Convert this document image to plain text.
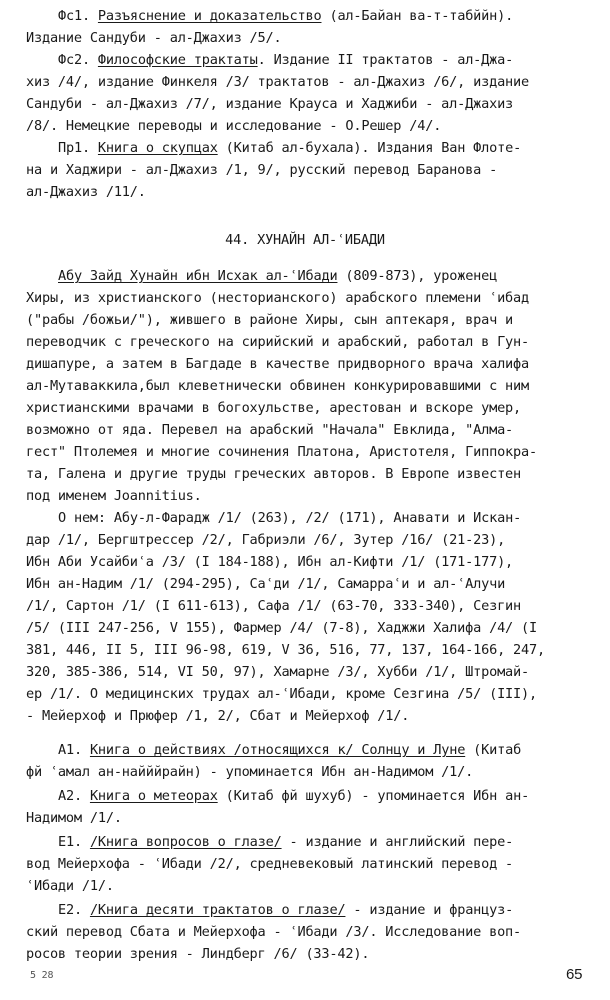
Фс1. Разъяснение и доказательство (ал-Байан ва-т-табййн).
Издание Сандуби - ал-Джахиз /5/.
Фс2. Философские трактаты. Издание II трактатов - ал-Джа-
хиз /4/, издание Финкеля /3/ трактатов - ал-Джахиз /6/, издание
Сандуби - ал-Джахиз /7/, издание Крауса и Хаджиби - ал-Джахиз
/8/. Немецкие переводы и исследование - О.Решер /4/.
Пр1. Книга о скупцах (Китаб ал-бухала). Издания Ван Флоте-
на и Хаджири - ал-Джахиз /1, 9/, русский перевод Баранова -
ал-Джахиз /11/.
44. ХУНАЙН АЛ-ʿИБАДИ
Абу Зайд Хунайн ибн Исхак ал-ʿИбади (809-873), уроженец
Хиры, из христианского (несторианского) арабского племени ʿибад
("рабы /божьи/"), жившего в районе Хиры, сын аптекаря, врач и
переводчик с греческого на сирийский и арабский, работал в Гун-
дишапуре, а затем в Багдаде в качестве придворного врача халифа
ал-Мутаваккила,был клеветнически обвинен конкурировавшими с ним
христианскими врачами в богохульстве, арестован и вскоре умер,
возможно от яда. Перевел на арабский "Начала" Евклида, "Алма-
гест" Птолемея и многие сочинения Платона, Аристотеля, Гиппокра-
та, Галена и другие труды греческих авторов. В Европе известен
под именем Joannitius.
О нем: Абу-л-Фарадж /1/ (263), /2/ (171), Анавати и Искан-
дар /1/, Бергштрессер /2/, Габриэли /6/, Зутер /16/ (21-23),
Ибн Аби Усайбиʿа /3/ (I 184-188), Ибн ал-Кифти /1/ (171-177),
Ибн ан-Надим /1/ (294-295), Саʿди /1/, Самарраʿи и ал-ʿАлучи
/1/, Сартон /1/ (I 611-613), Сафа /1/ (63-70, 333-340), Сезгин
/5/ (III 247-256, V 155), Фармер /4/ (7-8), Хаджжи Халифа /4/ (I
381, 446, II 5, III 96-98, 619, V 36, 516, 77, 137, 164-166, 247,
320, 385-386, 514, VI 50, 97), Хамарне /3/, Хубби /1/, Штромай-
ер /1/. О медицинских трудах ал-ʿИбади, кроме Сезгина /5/ (III),
- Мейерхоф и Прюфер /1, 2/, Сбат и Мейерхоф /1/.
А1. Книга о действиях /относящихся к/ Солнцу и Луне (Китаб
фй ʿамал ан-найййрайн) - упоминается Ибн ан-Надимом /1/.
А2. Книга о метеорах (Китаб фй шухуб) - упоминается Ибн ан-
Надимом /1/.
Е1. /Книга вопросов о глазе/ - издание и английский пере-
вод Мейерхофа - ʿИбади /2/, средневековый латинский перевод -
ʿИбади /1/.
Е2. /Книга десяти трактатов о глазе/ - издание и француз-
ский перевод Сбата и Мейерхофа - ʿИбади /3/. Исследование воп-
росов теории зрения - Линдберг /6/ (33-42).
5 28	65
